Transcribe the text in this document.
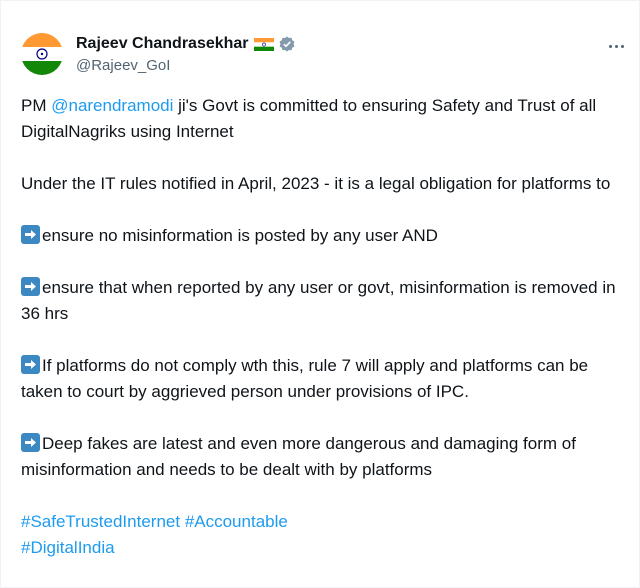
Rajeev Chandrasekhar
@Rajeev_GoI

PM @narendramodi ji's Govt is committed to ensuring Safety and Trust of all DigitalNagriks using Internet

Under the IT rules notified in April, 2023 - it is a legal obligation for platforms to

ensure no misinformation is posted by any user AND

ensure that when reported by any user or govt, misinformation is removed in 36 hrs

If platforms do not comply wth this, rule 7 will apply and platforms can be taken to court by aggrieved person under provisions of IPC.

Deep fakes are latest and even more dangerous and damaging form of misinformation and needs to be dealt with by platforms

#SafeTrustedInternet #Accountable
#DigitalIndia
